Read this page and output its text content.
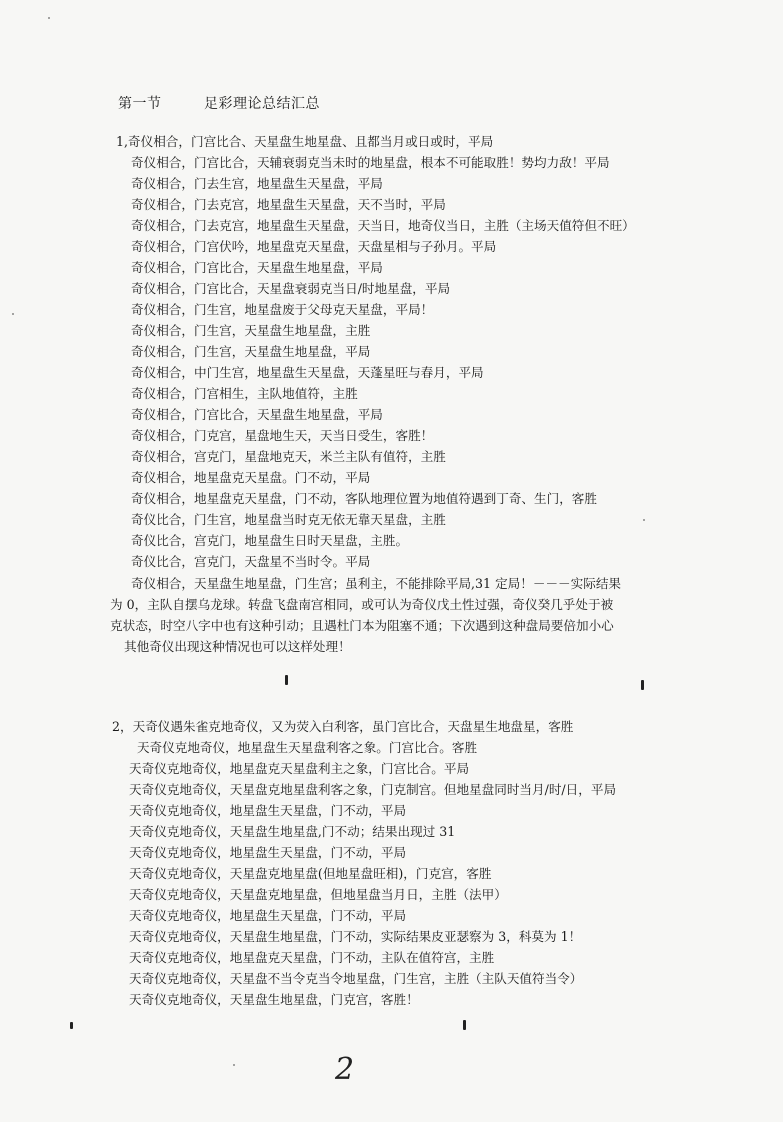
第一节	足彩理论总结汇总
1,奇仪相合，门宫比合、天星盘生地星盘、且都当月或日或时，平局
奇仪相合，门宫比合，天辅衰弱克当未时的地星盘，根本不可能取胜！势均力敌！平局
奇仪相合，门去生宫，地星盘生天星盘，平局
奇仪相合，门去克宫，地星盘生天星盘，天不当时，平局
奇仪相合，门去克宫，地星盘生天星盘，天当日，地奇仪当日，主胜（主场天值符但不旺）
奇仪相合，门宫伏吟，地星盘克天星盘，天盘星相与子孙月。平局
奇仪相合，门宫比合，天星盘生地星盘，平局
奇仪相合，门宫比合，天星盘衰弱克当日/时地星盘，平局
奇仪相合，门生宫，地星盘废于父母克天星盘，平局！
奇仪相合，门生宫，天星盘生地星盘，主胜
奇仪相合，门生宫，天星盘生地星盘，平局
奇仪相合，中门生宫，地星盘生天星盘，天蓬星旺与春月，平局
奇仪相合，门宫相生，主队地值符，主胜
奇仪相合，门宫比合，天星盘生地星盘，平局
奇仪相合，门克宫，星盘地生天，天当日受生，客胜！
奇仪相合，宫克门，星盘地克天，米兰主队有值符，主胜
奇仪相合，地星盘克天星盘。门不动，平局
奇仪相合，地星盘克天星盘，门不动，客队地理位置为地值符遇到丁奇、生门，客胜
奇仪比合，门生宫，地星盘当时克无依无靠天星盘，主胜
奇仪比合，宫克门，地星盘生日时天星盘，主胜。
奇仪比合，宫克门，天盘星不当时令。平局
奇仪相合，天星盘生地星盘，门生宫；虽利主，不能排除平局,31 定局！－－－实际结果
为 0，主队自摆乌龙球。转盘飞盘南宫相同，或可认为奇仪戊土性过强，奇仪癸几乎处于被
克状态，时空八字中也有这种引动；且遇杜门本为阻塞不通；下次遇到这种盘局要倍加小心
其他奇仪出现这种情况也可以这样处理！
2，天奇仪遇朱雀克地奇仪，又为荧入白利客，虽门宫比合，天盘星生地盘星，客胜
天奇仪克地奇仪，地星盘生天星盘利客之象。门宫比合。客胜
天奇仪克地奇仪，地星盘克天星盘利主之象，门宫比合。平局
天奇仪克地奇仪，天星盘克地星盘利客之象，门克制宫。但地星盘同时当月/时/日，平局
天奇仪克地奇仪，地星盘生天星盘，门不动，平局
天奇仪克地奇仪，天星盘生地星盘,门不动；结果出现过 31
天奇仪克地奇仪，地星盘生天星盘，门不动，平局
天奇仪克地奇仪，天星盘克地星盘(但地星盘旺相)，门克宫，客胜
天奇仪克地奇仪，天星盘克地星盘，但地星盘当月日，主胜（法甲）
天奇仪克地奇仪，地星盘生天星盘，门不动，平局
天奇仪克地奇仪，天星盘生地星盘，门不动，实际结果皮亚瑟察为 3，科莫为 1！
天奇仪克地奇仪，地星盘克天星盘，门不动，主队在值符宫，主胜
天奇仪克地奇仪，天星盘不当令克当令地星盘，门生宫，主胜（主队天值符当令）
天奇仪克地奇仪，天星盘生地星盘，门克宫，客胜！
2
